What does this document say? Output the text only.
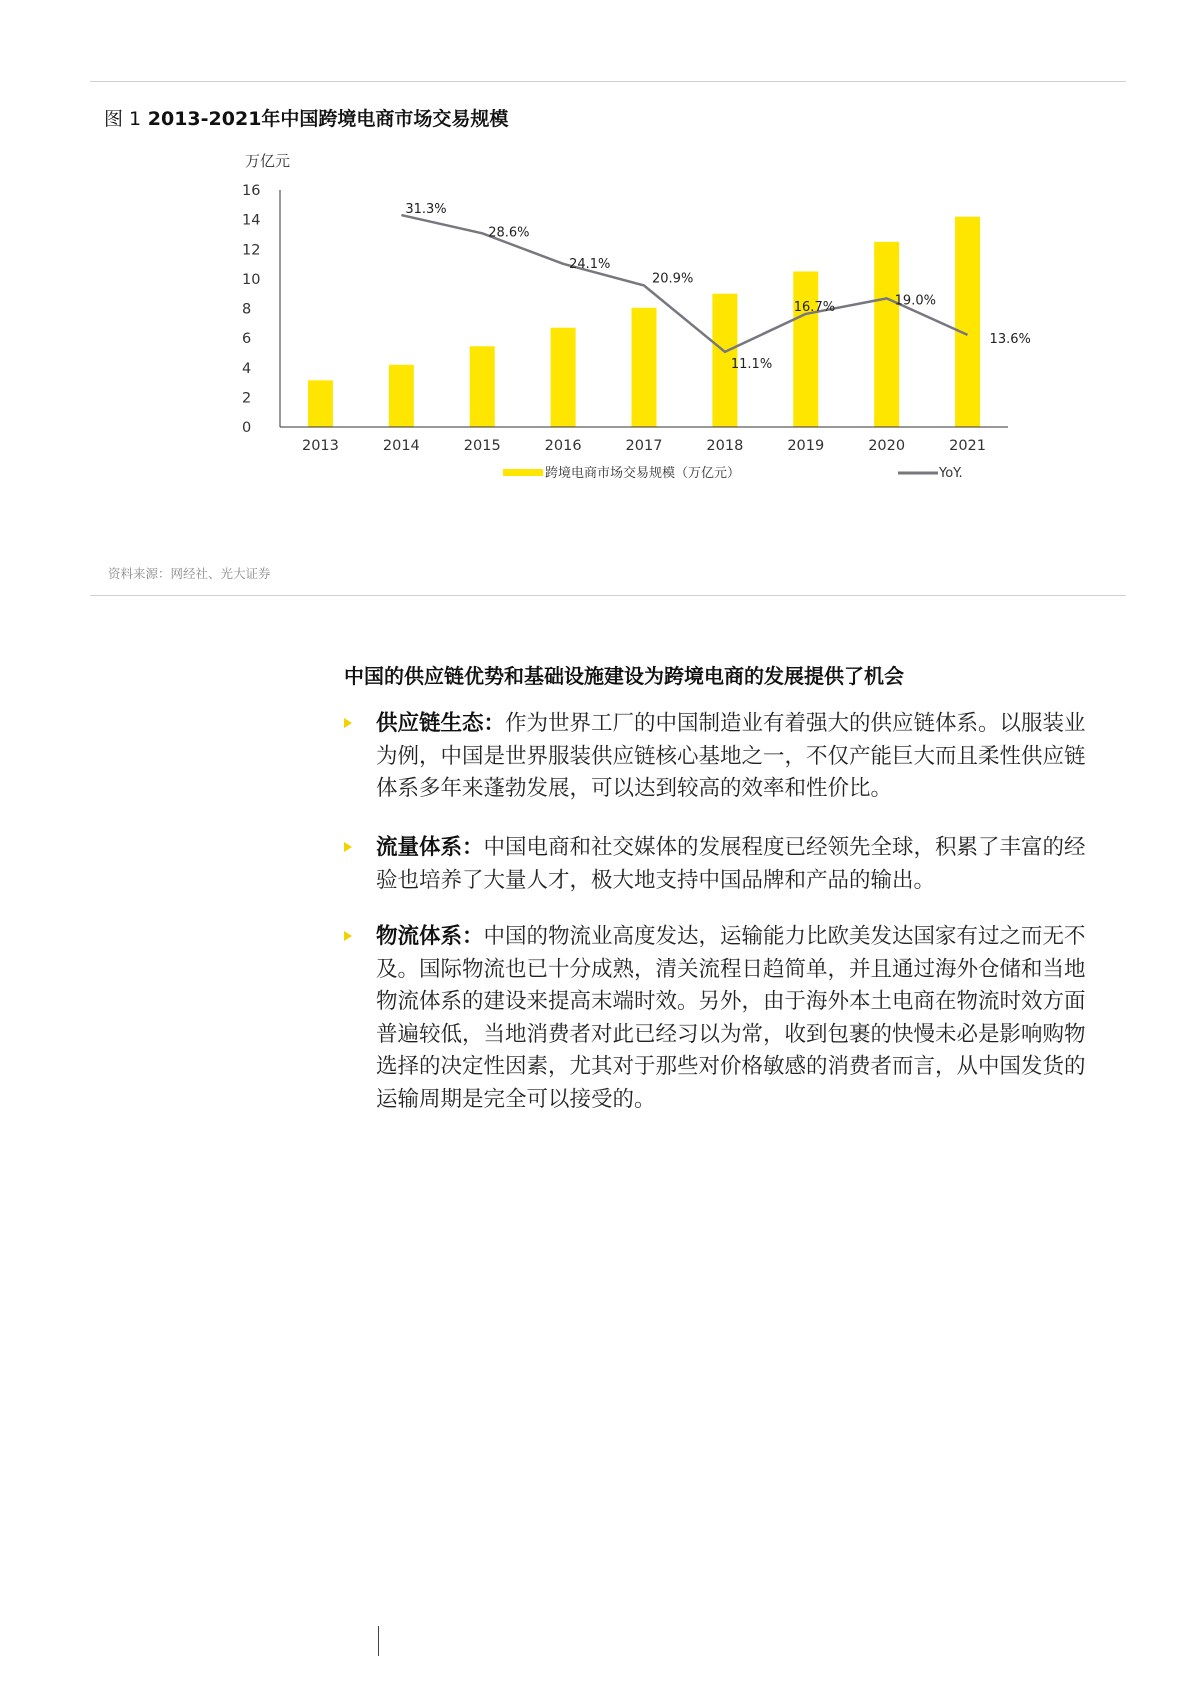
图 1 2013-2021年中国跨境电商市场交易规模
万亿元
0
2
4
6
8
10
12
14
16
2013	2014	2015	2016	2017	2018	2019	2020	2021
31.3%
28.6%
24.1%
20.9%
11.1%
16.7%	19.0%
13.6%
跨境电商市场交易规模（万亿元）	YoY.
资料来源：网经社、光大证券
中国的供应链优势和基础设施建设为跨境电商的发展提供了机会
供应链生态：作为世界工厂的中国制造业有着强大的供应链体系。以服装业为例，中国是世界服装供应链核心基地之一，不仅产能巨大而且柔性供应链体系多年来蓬勃发展，可以达到较高的效率和性价比。
流量体系：中国电商和社交媒体的发展程度已经领先全球，积累了丰富的经验也培养了大量人才，极大地支持中国品牌和产品的输出。
物流体系：中国的物流业高度发达，运输能力比欧美发达国家有过之而无不及。国际物流也已十分成熟，清关流程日趋简单，并且通过海外仓储和当地物流体系的建设来提高末端时效。另外，由于海外本土电商在物流时效方面普遍较低，当地消费者对此已经习以为常，收到包裹的快慢未必是影响购物选择的决定性因素，尤其对于那些对价格敏感的消费者而言，从中国发货的运输周期是完全可以接受的。
